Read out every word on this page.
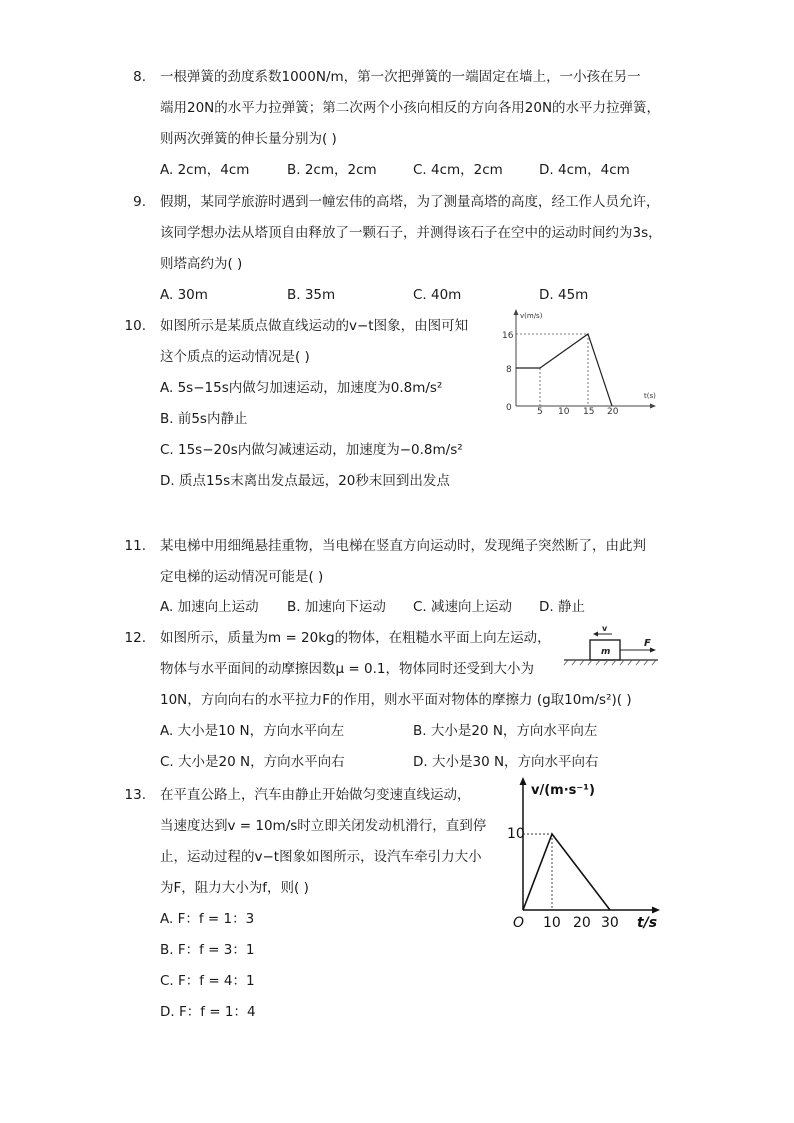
8. 一根弹簧的劲度系数1000N/m，第一次把弹簧的一端固定在墙上，一小孩在另一
端用20N的水平力拉弹簧；第二次两个小孩向相反的方向各用20N的水平力拉弹簧，
则两次弹簧的伸长量分别为( )
A. 2cm，4cm	B. 2cm，2cm	C. 4cm，2cm	D. 4cm，4cm
9. 假期，某同学旅游时遇到一幢宏伟的高塔，为了测量高塔的高度，经工作人员允许，
该同学想办法从塔顶自由释放了一颗石子，并测得该石子在空中的运动时间约为3s，
则塔高约为( )
A. 30m	B. 35m	C. 40m	D. 45m
10. 如图所示是某质点做直线运动的v−t图象，由图可知
这个质点的运动情况是( )
A. 5s−15s内做匀加速运动，加速度为0.8m/s²
B. 前5s内静止
C. 15s−20s内做匀减速运动，加速度为−0.8m/s²
D. 质点15s末离出发点最远，20秒末回到出发点
v(m/s)
t(s)
16
8
0	5 10 15 20
11. 某电梯中用细绳悬挂重物，当电梯在竖直方向运动时，发现绳子突然断了，由此判
定电梯的运动情况可能是( )
A. 加速向上运动 B. 加速向下运动 C. 减速向上运动 D. 静止
12. 如图所示，质量为m = 20kg的物体，在粗糙水平面上向左运动，
物体与水平面间的动摩擦因数μ = 0.1，物体同时还受到大小为
10N，方向向右的水平拉力F的作用，则水平面对物体的摩擦力 (g取10m/s²)( )
A. 大小是10 N，方向水平向左	B. 大小是20 N，方向水平向左
C. 大小是20 N，方向水平向右	D. 大小是30 N，方向水平向右
v
m
F
13. 在平直公路上，汽车由静止开始做匀变速直线运动，
当速度达到v = 10m/s时立即关闭发动机滑行，直到停
止，运动过程的v−t图象如图所示，设汽车牵引力大小
为F，阻力大小为f，则( )
A. F：f = 1：3
B. F：f = 3：1
C. F：f = 4：1
D. F：f = 1：4
v/(m·s⁻¹)
t/s
10
O 10 20 30
